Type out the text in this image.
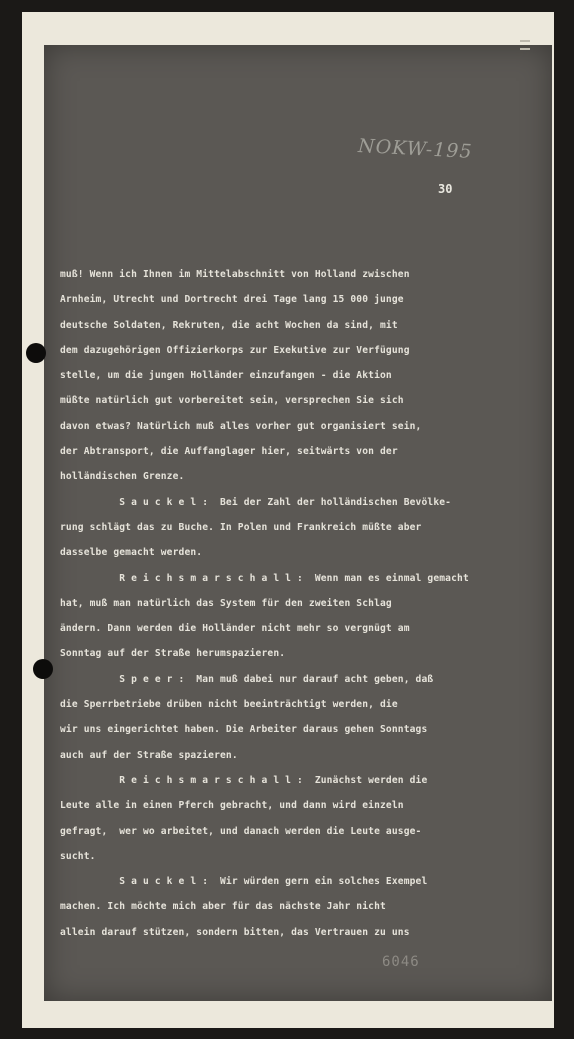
NOKW-195
30
muß! Wenn ich Ihnen im Mittelabschnitt von Holland zwischen
Arnheim, Utrecht und Dortrecht drei Tage lang 15 000 junge
deutsche Soldaten, Rekruten, die acht Wochen da sind, mit
dem dazugehörigen Offizierkorps zur Exekutive zur Verfügung
stelle, um die jungen Holländer einzufangen - die Aktion
müßte natürlich gut vorbereitet sein, versprechen Sie sich
davon etwas? Natürlich muß alles vorher gut organisiert sein,
der Abtransport, die Auffanglager hier, seitwärts von der
holländischen Grenze.
S a u c k e l :  Bei der Zahl der holländischen Bevölke-
rung schlägt das zu Buche. In Polen und Frankreich müßte aber
dasselbe gemacht werden.
R e i c h s m a r s c h a l l :  Wenn man es einmal gemacht
hat, muß man natürlich das System für den zweiten Schlag
ändern. Dann werden die Holländer nicht mehr so vergnügt am
Sonntag auf der Straße herumspazieren.
S p e e r :  Man muß dabei nur darauf acht geben, daß
die Sperrbetriebe drüben nicht beeinträchtigt werden, die
wir uns eingerichtet haben. Die Arbeiter daraus gehen Sonntags
auch auf der Straße spazieren.
R e i c h s m a r s c h a l l :  Zunächst werden die
Leute alle in einen Pferch gebracht, und dann wird einzeln
gefragt,  wer wo arbeitet, und danach werden die Leute ausge-
sucht.
S a u c k e l :  Wir würden gern ein solches Exempel
machen. Ich möchte mich aber für das nächste Jahr nicht
allein darauf stützen, sondern bitten, das Vertrauen zu uns
6046
